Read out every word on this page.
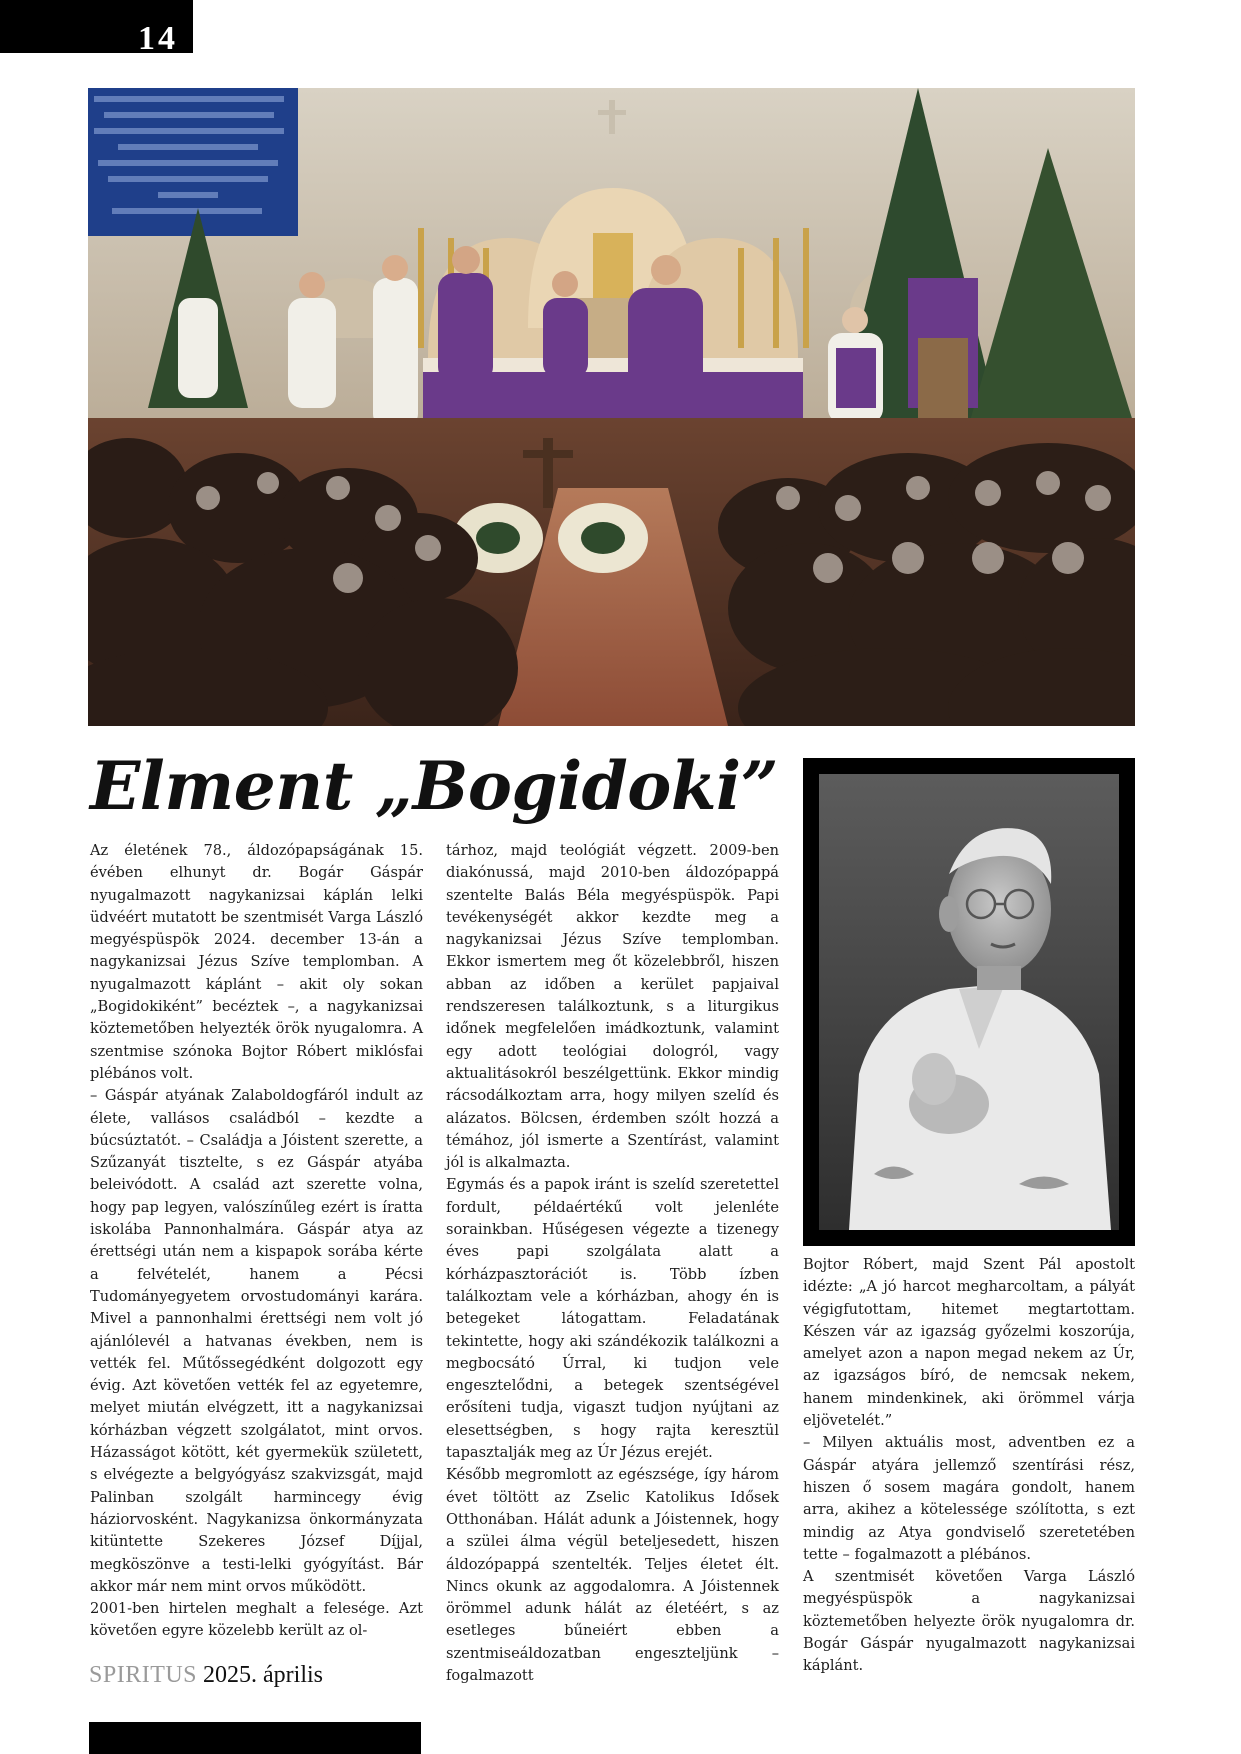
14
Elment „Bogidoki”

Az életének 78., áldozópapságának 15. évében elhunyt dr. Bogár Gáspár nyugalmazott nagykanizsai káplán lelki üdvéért mutatott be szentmisét Varga László megyéspüspök 2024. december 13-án a nagykanizsai Jézus Szíve templomban. A nyugalmazott káplánt – akit oly sokan „Bogidokiként” becéztek –, a nagykanizsai köztemetőben helyezték örök nyugalomra. A szentmise szónoka Bojtor Róbert miklósfai plébános volt.

– Gáspár atyának Zalaboldogfáról indult az élete, vallásos családból – kezdte a búcsúztatót. – Családja a Jóistent szerette, a Szűzanyát tisztelte, s ez Gáspár atyába beleivódott. A család azt szerette volna, hogy pap legyen, valószínűleg ezért is íratta iskolába Pannonhalmára. Gáspár atya az érettségi után nem a kispapok sorába kérte a felvételét, hanem a Pécsi Tudományegyetem orvostudományi karára. Mivel a pannonhalmi érettségi nem volt jó ajánlólevél a hatvanas években, nem is vették fel. Műtőssegédként dolgozott egy évig. Azt követően vették fel az egyetemre, melyet miután elvégzett, itt a nagykanizsai kórházban végzett szolgálatot, mint orvos. Házasságot kötött, két gyermekük született, s elvégezte a belgyógyász szakvizsgát, majd Palinban szolgált harmincegy évig háziorvosként. Nagykanizsa önkormányzata kitüntette Szekeres József Díjjal, megköszönve a testi-lelki gyógyítást. Bár akkor már nem mint orvos működött.

2001-ben hirtelen meghalt a felesége. Azt követően egyre közelebb került az ol-

tárhoz, majd teológiát végzett. 2009-ben diakónussá, majd 2010-ben áldozópappá szentelte Balás Béla megyéspüspök. Papi tevékenységét akkor kezdte meg a nagykanizsai Jézus Szíve templomban. Ekkor ismertem meg őt közelebbről, hiszen abban az időben a kerület papjaival rendszeresen találkoztunk, s a liturgikus időnek megfelelően imádkoztunk, valamint egy adott teológiai dologról, vagy aktualitásokról beszélgettünk. Ekkor mindig rácsodálkoztam arra, hogy milyen szelíd és alázatos. Bölcsen, érdemben szólt hozzá a témához, jól ismerte a Szentírást, valamint jól is alkalmazta.

Egymás és a papok iránt is szelíd szeretettel fordult, példaértékű volt jelenléte sorainkban. Hűségesen végezte a tizenegy éves papi szolgálata alatt a kórházpasztorációt is. Több ízben találkoztam vele a kórházban, ahogy én is betegeket látogattam. Feladatának tekintette, hogy aki szándékozik találkozni a megbocsátó Úrral, ki tudjon vele engesztelődni, a betegek szentségével erősíteni tudja, vigaszt tudjon nyújtani az elesettségben, s hogy rajta keresztül tapasztalják meg az Úr Jézus erejét.

Később megromlott az egészsége, így három évet töltött az Zselic Katolikus Idősek Otthonában. Hálát adunk a Jóistennek, hogy a szülei álma végül beteljesedett, hiszen áldozópappá szentelték. Teljes életet élt. Nincs okunk az aggodalomra. A Jóistennek örömmel adunk hálát az életéért, s az esetleges bűneiért ebben a szentmiseáldozatban engeszteljünk – fogalmazott

Bojtor Róbert, majd Szent Pál apostolt idézte: „A jó harcot megharcoltam, a pályát végigfutottam, hitemet megtartottam. Készen vár az igazság győzelmi koszorúja, amelyet azon a napon megad nekem az Úr, az igazságos bíró, de nemcsak nekem, hanem mindenkinek, aki örömmel várja eljövetelét.”

– Milyen aktuális most, adventben ez a Gáspár atyára jellemző szentírási rész, hiszen ő sosem magára gondolt, hanem arra, akihez a kötelessége szólította, s ezt mindig az Atya gondviselő szeretetében tette – fogalmazott a plébános.

A szentmisét követően Varga László megyéspüspök a nagykanizsai köztemetőben helyezte örök nyugalomra dr. Bogár Gáspár nyugalmazott nagykanizsai káplánt.

SPIRITUS 2025. április
